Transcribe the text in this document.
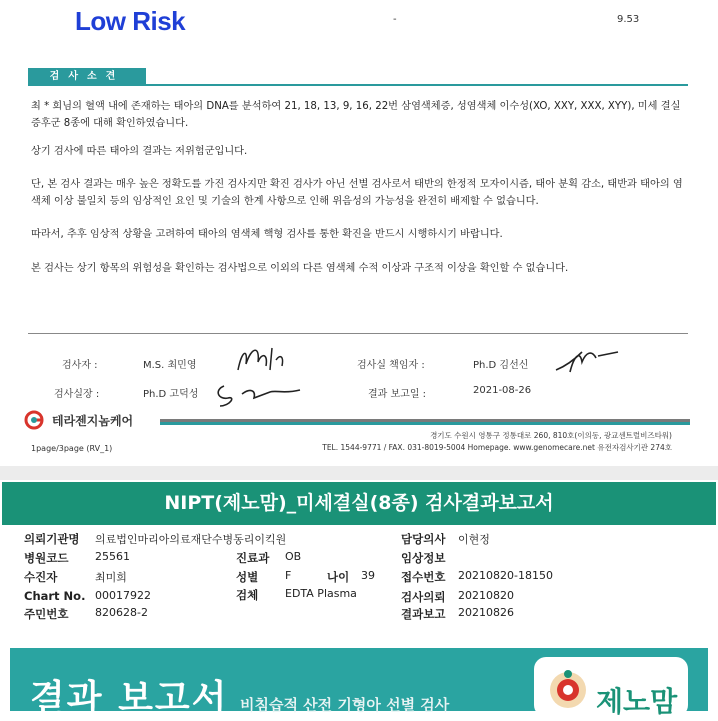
Low Risk	-	9.53
검사소견

최 * 희님의 혈액 내에 존재하는 태아의 DNA를 분석하여 21, 18, 13, 9, 16, 22번 삼염색체증, 성염색체 이수성(XO, XXY, XXX, XYY), 미세 결실 증후군 8종에 대해 확인하였습니다.

상기 검사에 따른 태아의 결과는 저위험군입니다.

단, 본 검사 결과는 매우 높은 정확도를 가진 검사지만 확진 검사가 아닌 선별 검사로서 태반의 한정적 모자이시즘, 태아 분획 감소, 태반과 태아의 염색체 이상 불일치 등의 임상적인 요인 및 기술의 한계 사항으로 인해 위음성의 가능성을 완전히 배제할 수 없습니다.

따라서, 추후 임상적 상황을 고려하여 태아의 염색체 핵형 검사를 통한 확진을 반드시 시행하시기 바랍니다.

본 검사는 상기 항목의 위험성을 확인하는 검사법으로 이외의 다른 염색체 수적 이상과 구조적 이상을 확인할 수 없습니다.

검사자 :	M.S. 최민영	검사실 책임자 :	Ph.D 김선신
검사실장 :	Ph.D 고덕성	결과 보고일 :	2021-08-26
테라젠지놈케어
경기도 수원시 영통구 정통대로 260, 810호(이의동, 광교센트럴비즈타워)
TEL. 1544-9771 / FAX. 031-8019-5004 Homepage. www.genomecare.net 유전자검사기관 274호
1page/3page (RV_1)
NIPT(제노맘)_미세결실(8종) 검사결과보고서
의뢰기관명 의료법인마리아의료재단수병동리이킥원
병원코드 25561
수진자	최미희
Chart No. 00017922
주민번호 820628-2
진료과 OB
성별 F	나이 39
검체 EDTA Plasma
담당의사 이현정
임상정보
접수번호 20210820-18150
검사의뢰 20210820
결과보고 20210826
결과 보고서 비침습적 산전 기형아 선별 검사	제노맘
